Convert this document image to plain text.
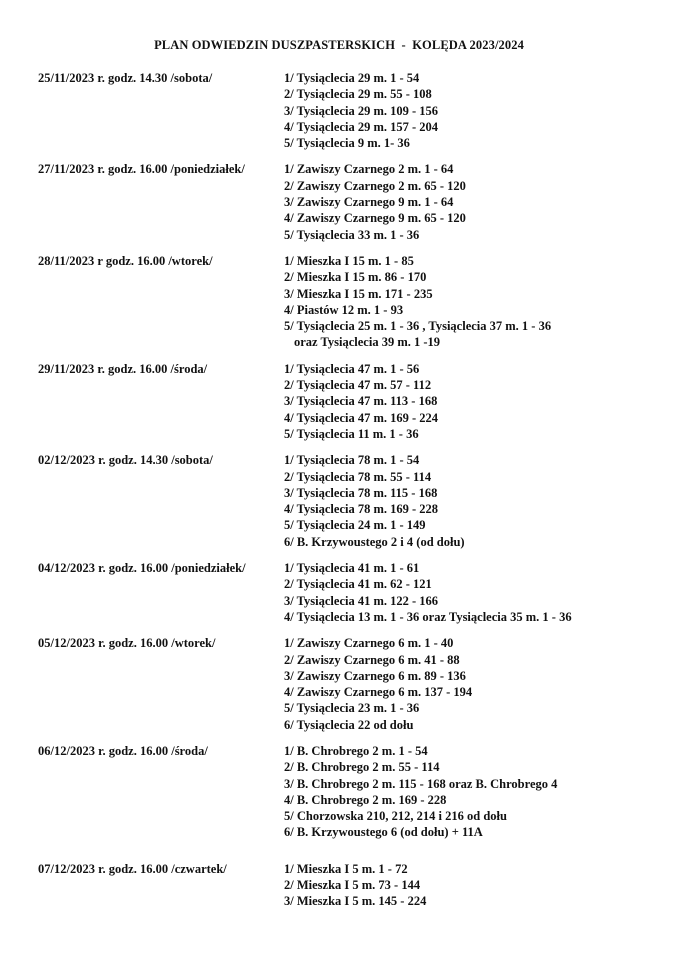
PLAN ODWIEDZIN DUSZPASTERSKICH  -  KOLĘDA 2023/2024
25/11/2023 r. godz. 14.30 /sobota/	1/ Tysiąclecia 29 m. 1 - 54
2/ Tysiąclecia 29 m. 55 - 108
3/ Tysiąclecia 29 m. 109 - 156
4/ Tysiąclecia 29 m. 157 - 204
5/ Tysiąclecia 9 m. 1- 36
27/11/2023 r. godz. 16.00 /poniedziałek/	1/ Zawiszy Czarnego 2 m. 1 - 64
2/ Zawiszy Czarnego 2 m. 65 - 120
3/ Zawiszy Czarnego 9 m. 1 - 64
4/ Zawiszy Czarnego 9 m. 65 - 120
5/ Tysiąclecia 33 m. 1 - 36
28/11/2023 r godz. 16.00 /wtorek/	1/ Mieszka I 15 m. 1 - 85
2/ Mieszka I 15 m. 86 - 170
3/ Mieszka I 15 m. 171 - 235
4/ Piastów 12 m. 1 - 93
5/ Tysiąclecia 25 m. 1 - 36 , Tysiąclecia 37 m. 1 - 36
oraz Tysiąclecia 39 m. 1 -19
29/11/2023 r. godz. 16.00 /środa/	1/ Tysiąclecia 47 m. 1 - 56
2/ Tysiąclecia 47 m. 57 - 112
3/ Tysiąclecia 47 m. 113 - 168
4/ Tysiąclecia 47 m. 169 - 224
5/ Tysiąclecia 11 m. 1 - 36
02/12/2023 r. godz. 14.30 /sobota/	1/ Tysiąclecia 78 m. 1 - 54
2/ Tysiąclecia 78 m. 55 - 114
3/ Tysiąclecia 78 m. 115 - 168
4/ Tysiąclecia 78 m. 169 - 228
5/ Tysiąclecia 24 m. 1 - 149
6/ B. Krzywoustego 2 i 4 (od dołu)
04/12/2023 r. godz. 16.00 /poniedziałek/	1/ Tysiąclecia 41 m. 1 - 61
2/ Tysiąclecia 41 m. 62 - 121
3/ Tysiąclecia 41 m. 122 - 166
4/ Tysiąclecia 13 m. 1 - 36 oraz Tysiąclecia 35 m. 1 - 36
05/12/2023 r. godz. 16.00 /wtorek/	1/ Zawiszy Czarnego 6 m. 1 - 40
2/ Zawiszy Czarnego 6 m. 41 - 88
3/ Zawiszy Czarnego 6 m. 89 - 136
4/ Zawiszy Czarnego 6 m. 137 - 194
5/ Tysiąclecia 23 m. 1 - 36
6/ Tysiąclecia 22 od dołu
06/12/2023 r. godz. 16.00 /środa/	1/ B. Chrobrego 2 m. 1 - 54
2/ B. Chrobrego 2 m. 55 - 114
3/ B. Chrobrego 2 m. 115 - 168 oraz B. Chrobrego 4
4/ B. Chrobrego 2 m. 169 - 228
5/ Chorzowska 210, 212, 214 i 216 od dołu
6/ B. Krzywoustego 6 (od dołu) + 11A
07/12/2023 r. godz. 16.00 /czwartek/	1/ Mieszka I 5 m. 1 - 72
2/ Mieszka I 5 m. 73 - 144
3/ Mieszka I 5 m. 145 - 224
